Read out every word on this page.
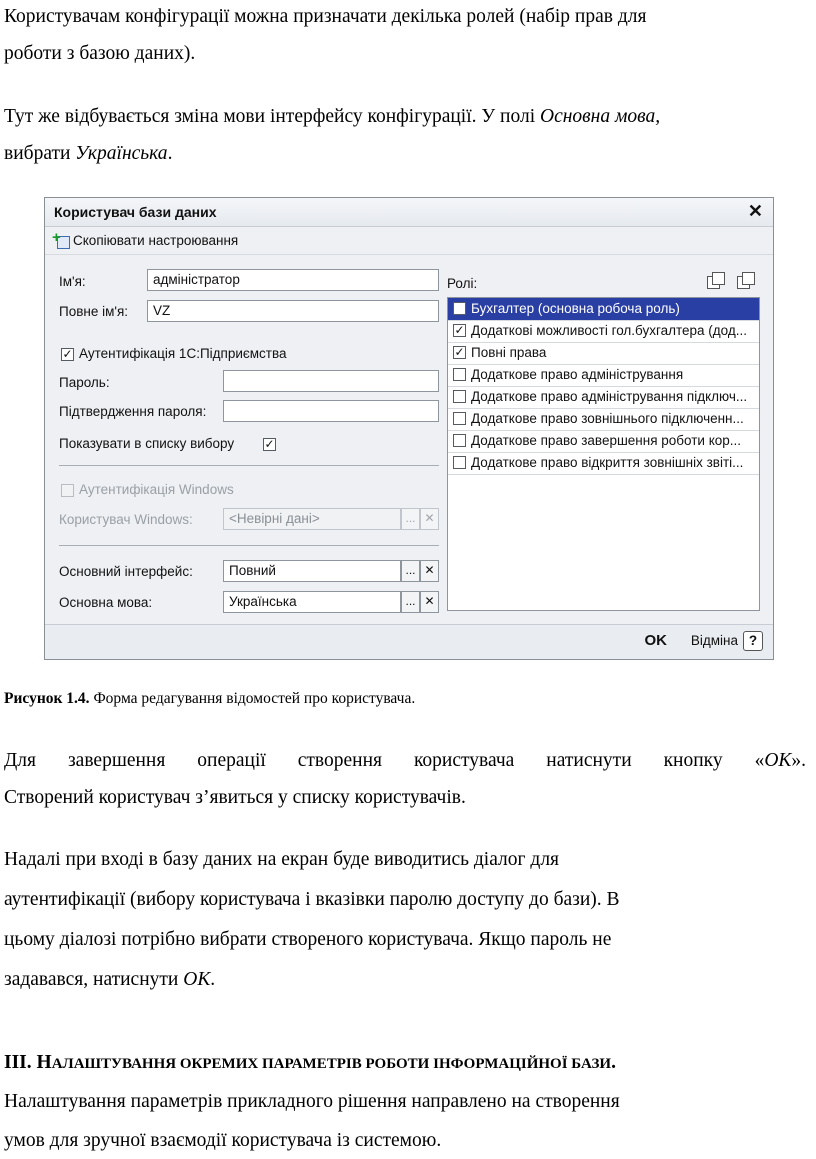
Користувачам конфігурації можна призначати декілька ролей (набір прав для

роботи з базою даних).

Тут же відбувається зміна мови інтерфейсу конфігурації. У полі Основна мова,

вибрати Українська.

Користувач бази даних	✕
+
Скопіювати настроювання
Ім'я:	адміністратор
Повне ім'я:	VZ
✓ Аутентифікація 1С:Підприємства
Пароль:
Підтвердження пароля:
Показувати в списку вибору	✓
Аутентифікація Windows
Користувач Windows:	<Невірні дані>	... ✕
Основний інтерфейс:	Повний	... ✕
Основна мова:	Українська	... ✕
Ролі:
✓ Бухгалтер (основна робоча роль)
✓ Додаткові можливості гол.бухгалтера (дод...
✓ Повні права
Додаткове право адміністрування
Додаткове право адміністрування підключ...
Додаткове право зовнішнього підключенн...
Додаткове право завершення роботи кор...
Додаткове право відкриття зовнішніх звіті...
OK Відміна ?
Рисунок 1.4. Форма редагування відомостей про користувача.

Для завершення операції створення користувача натиснути кнопку «ОК».

Створений користувач з’явиться у списку користувачів.

Надалі при вході в базу даних на екран буде виводитись діалог для

аутентифікації (вибору користувача і вказівки паролю доступу до бази). В

цьому діалозі потрібно вибрати створеного користувача. Якщо пароль не

задавався, натиснути ОК.

III. НАЛАШТУВАННЯ ОКРЕМИХ ПАРАМЕТРІВ РОБОТИ ІНФОРМАЦІЙНОЇ БАЗИ.

Налаштування параметрів прикладного рішення направлено на створення

умов для зручної взаємодії користувача із системою.
